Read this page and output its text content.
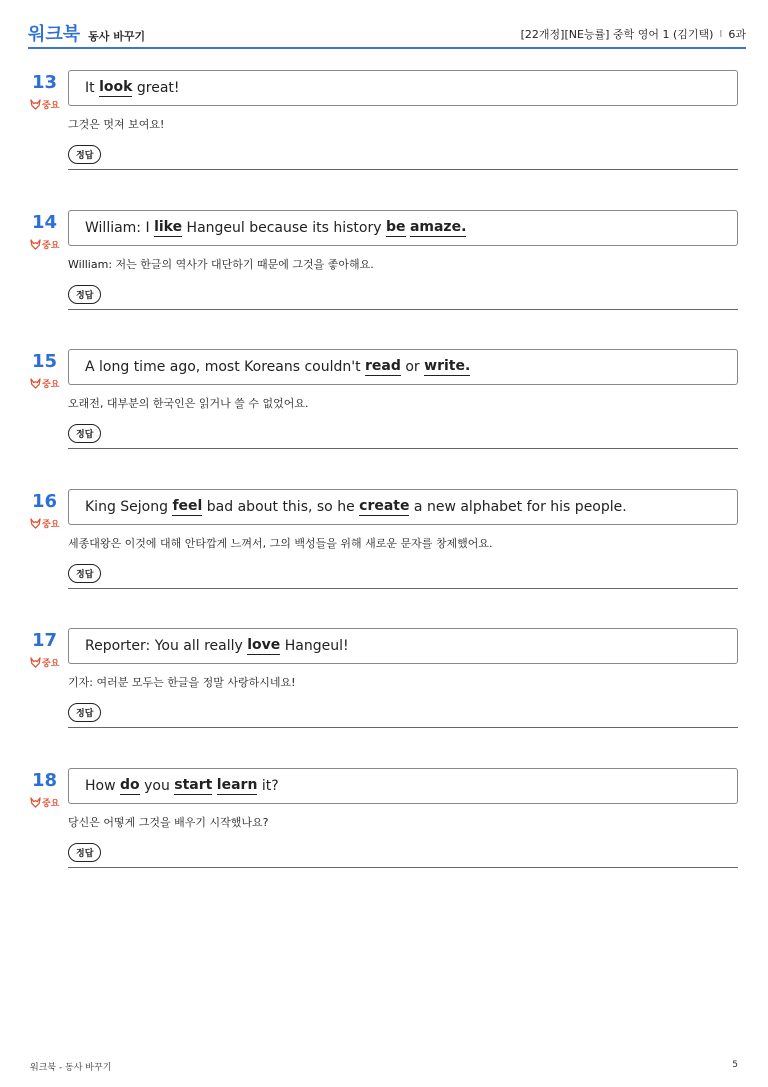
워크북 동사 바꾸기	[22개정][NE능률] 중학 영어 1 (김기택) I 6과
13
중요
It look great!
그것은 멋져 보여요!
정답
14
중요
William: I like Hangeul because its history be
amaze.
William: 저는 한글의 역사가 대단하기 때문에 그것을 좋아해요.
정답
15
중요
A long time ago, most Koreans couldn't read or write.
오래전, 대부분의 한국인은 읽거나 쓸 수 없었어요.
정답
16
중요
King Sejong feel bad about this, so he create a new alphabet for his people.
세종대왕은 이것에 대해 안타깝게 느껴서, 그의 백성들을 위해 새로운 문자를 창제했어요.
정답
17
중요
Reporter: You all really love Hangeul!
기자: 여러분 모두는 한글을 정말 사랑하시네요!
정답
18
중요
How do you start
learn it?
당신은 어떻게 그것을 배우기 시작했나요?
정답
워크북 - 동사 바꾸기	5
